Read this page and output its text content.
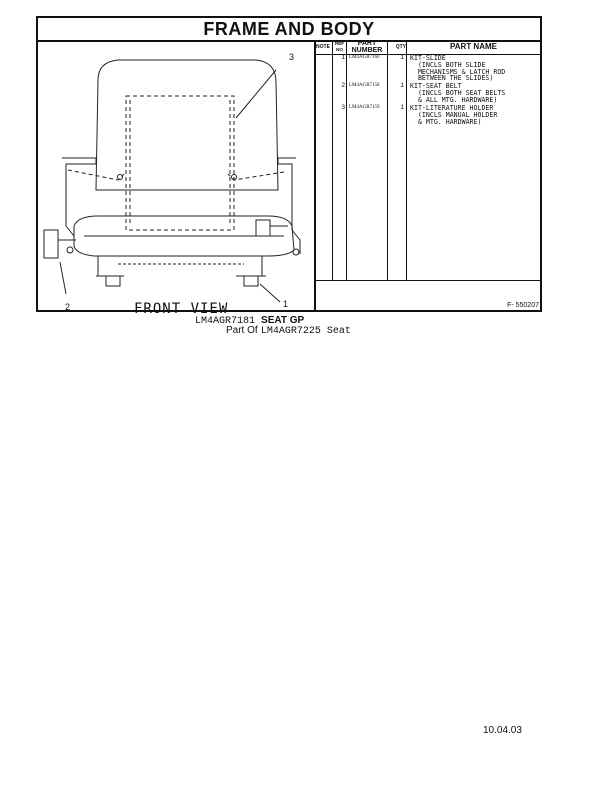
FRAME AND BODY
3
2	1
FRONT VIEW
NOTE
REF NO
PART NUMBER	QTY	PART NAME
1 LM4AGR7160	1 KIT-SLIDE
(INCLS BOTH SLIDE
MECHANISMS & LATCH ROD
BETWEEN THE SLIDES)
2 LM4AGR7158	1 KIT-SEAT BELT
(INCLS BOTH SEAT BELTS
& ALL MTG. HARDWARE)
3 LM4AGR7159	1 KIT-LITERATURE HOLDER
(INCLS MANUAL HOLDER
& MTG. HARDWARE)
F- 550207
LM4AGR7181 SEAT GP
Part Of LM4AGR7225 Seat
10.04.03
